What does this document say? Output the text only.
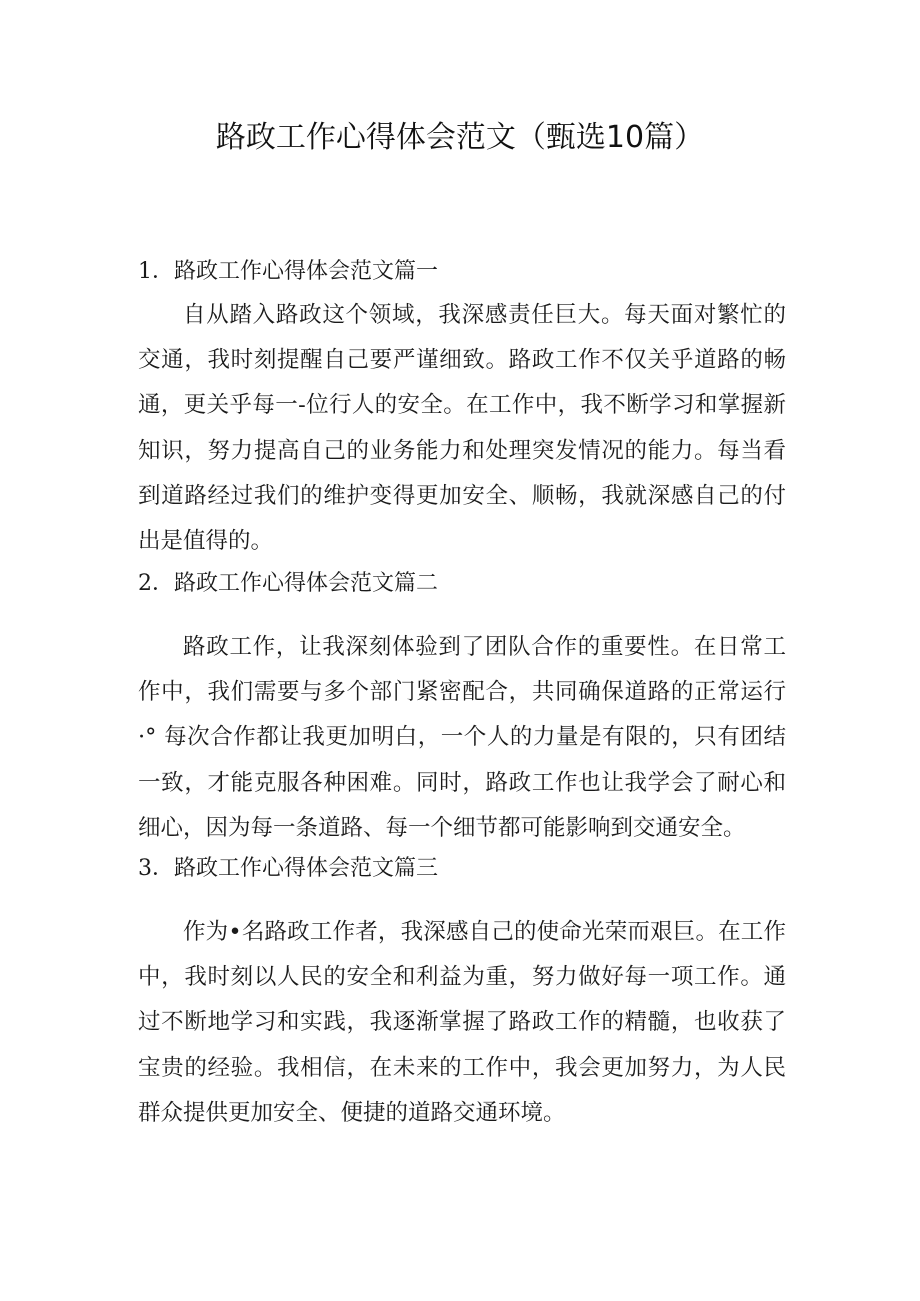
路政工作心得体会范文（甄选10篇）
1．路政工作心得体会范文篇一

自从踏入路政这个领域，我深感责任巨大。每天面对繁忙的交通，我时刻提醒自己要严谨细致。路政工作不仅关乎道路的畅通，更关乎每一-位行人的安全。在工作中，我不断学习和掌握新知识，努力提高自己的业务能力和处理突发情况的能力。每当看到道路经过我们的维护变得更加安全、顺畅，我就深感自己的付出是值得的。

2．路政工作心得体会范文篇二

路政工作，让我深刻体验到了团队合作的重要性。在日常工作中，我们需要与多个部门紧密配合，共同确保道路的正常运行·° 每次合作都让我更加明白，一个人的力量是有限的，只有团结一致，才能克服各种困难。同时，路政工作也让我学会了耐心和细心，因为每一条道路、每一个细节都可能影响到交通安全。

3．路政工作心得体会范文篇三

作为•名路政工作者，我深感自己的使命光荣而艰巨。在工作中，我时刻以人民的安全和利益为重，努力做好每一项工作。通过不断地学习和实践，我逐渐掌握了路政工作的精髓，也收获了宝贵的经验。我相信，在未来的工作中，我会更加努力，为人民群众提供更加安全、便捷的道路交通环境。
